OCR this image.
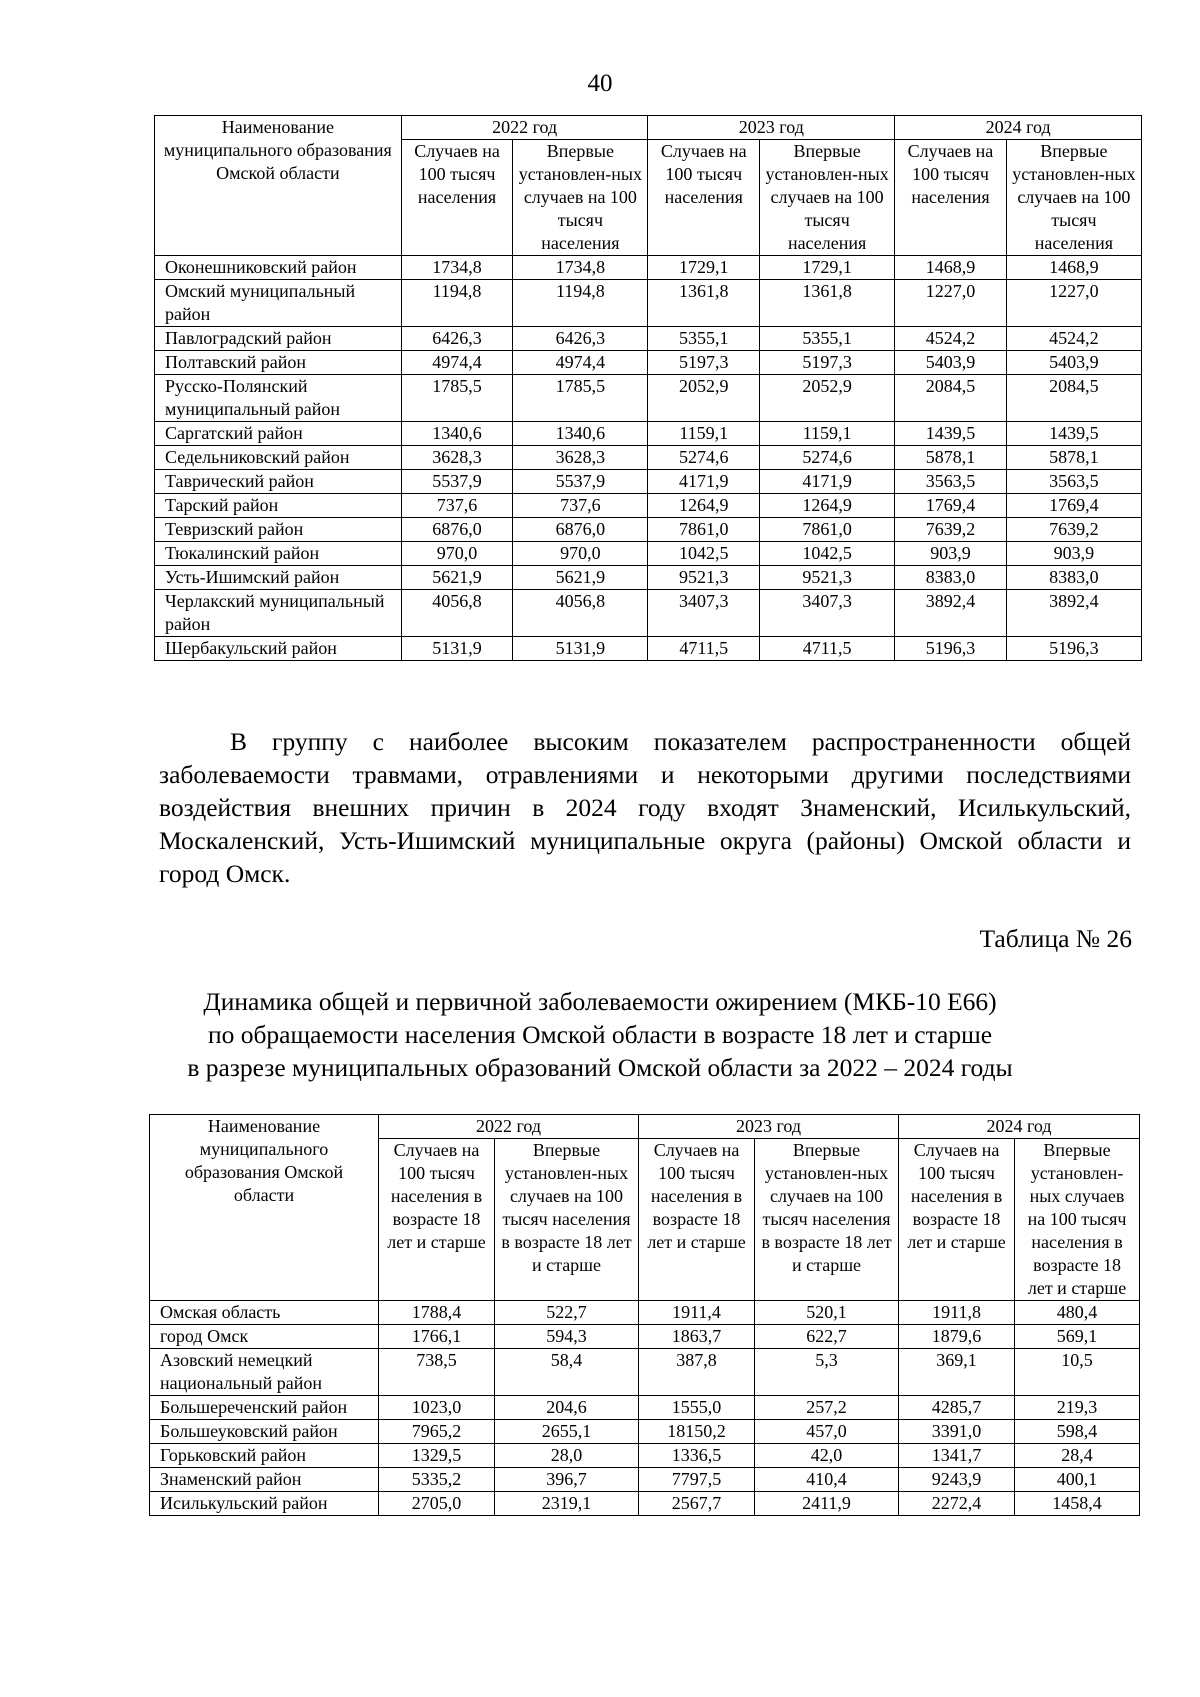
40
Наименование муниципального образования Омской области	2022 год		2023 год		2024 год	
	Случаев на 100 тысяч населения	Впервые установлен-ных случаев на 100 тысяч населения	Случаев на 100 тысяч населения	Впервые установлен-ных случаев на 100 тысяч населения	Случаев на 100 тысяч населения	Впервые установлен-ных случаев на 100 тысяч населения
Оконешниковский район	1734,8	1734,8	1729,1	1729,1	1468,9	1468,9
Омский муниципальный район	1194,8	1194,8	1361,8	1361,8	1227,0	1227,0
Павлоградский район	6426,3	6426,3	5355,1	5355,1	4524,2	4524,2
Полтавский район	4974,4	4974,4	5197,3	5197,3	5403,9	5403,9
Русско-Полянский муниципальный район	1785,5	1785,5	2052,9	2052,9	2084,5	2084,5
Саргатский район	1340,6	1340,6	1159,1	1159,1	1439,5	1439,5
Седельниковский район	3628,3	3628,3	5274,6	5274,6	5878,1	5878,1
Таврический район	5537,9	5537,9	4171,9	4171,9	3563,5	3563,5
Тарский район	737,6	737,6	1264,9	1264,9	1769,4	1769,4
Тевризский район	6876,0	6876,0	7861,0	7861,0	7639,2	7639,2
Тюкалинский район	970,0	970,0	1042,5	1042,5	903,9	903,9
Усть-Ишимский район	5621,9	5621,9	9521,3	9521,3	8383,0	8383,0
Черлакский муниципальный район	4056,8	4056,8	3407,3	3407,3	3892,4	3892,4
Шербакульский район	5131,9	5131,9	4711,5	4711,5	5196,3	5196,3

В группу с наиболее высоким показателем распространенности общей заболеваемости травмами, отравлениями и некоторыми другими последствиями воздействия внешних причин в 2024 году входят Знаменский, Исилькульский, Москаленский, Усть-Ишимский муниципальные округа (районы) Омской области и город Омск.

Таблица № 26
Динамика общей и первичной заболеваемости ожирением (МКБ-10 Е66)
по обращаемости населения Омской области в возрасте 18 лет и старше
в разрезе муниципальных образований Омской области за 2022 – 2024 годы
Наименование муниципального образования Омской области	2022 год		2023 год		2024 год	
	Случаев на 100 тысяч населения в возрасте 18 лет и старше	Впервые установлен-ных случаев на 100 тысяч населения в возрасте 18 лет и старше	Случаев на 100 тысяч населения в возрасте 18 лет и старше	Впервые установлен-ных случаев на 100 тысяч населения в возрасте 18 лет и старше	Случаев на 100 тысяч населения в возрасте 18 лет и старше	Впервые установлен-ных случаев на 100 тысяч населения в возрасте 18 лет и старше
Омская область	1788,4	522,7	1911,4	520,1	1911,8	480,4
город Омск	1766,1	594,3	1863,7	622,7	1879,6	569,1
Азовский немецкий национальный район	738,5	58,4	387,8	5,3	369,1	10,5
Большереченский район	1023,0	204,6	1555,0	257,2	4285,7	219,3
Большеуковский район	7965,2	2655,1	18150,2	457,0	3391,0	598,4
Горьковский район	1329,5	28,0	1336,5	42,0	1341,7	28,4
Знаменский район	5335,2	396,7	7797,5	410,4	9243,9	400,1
Исилькульский район	2705,0	2319,1	2567,7	2411,9	2272,4	1458,4
